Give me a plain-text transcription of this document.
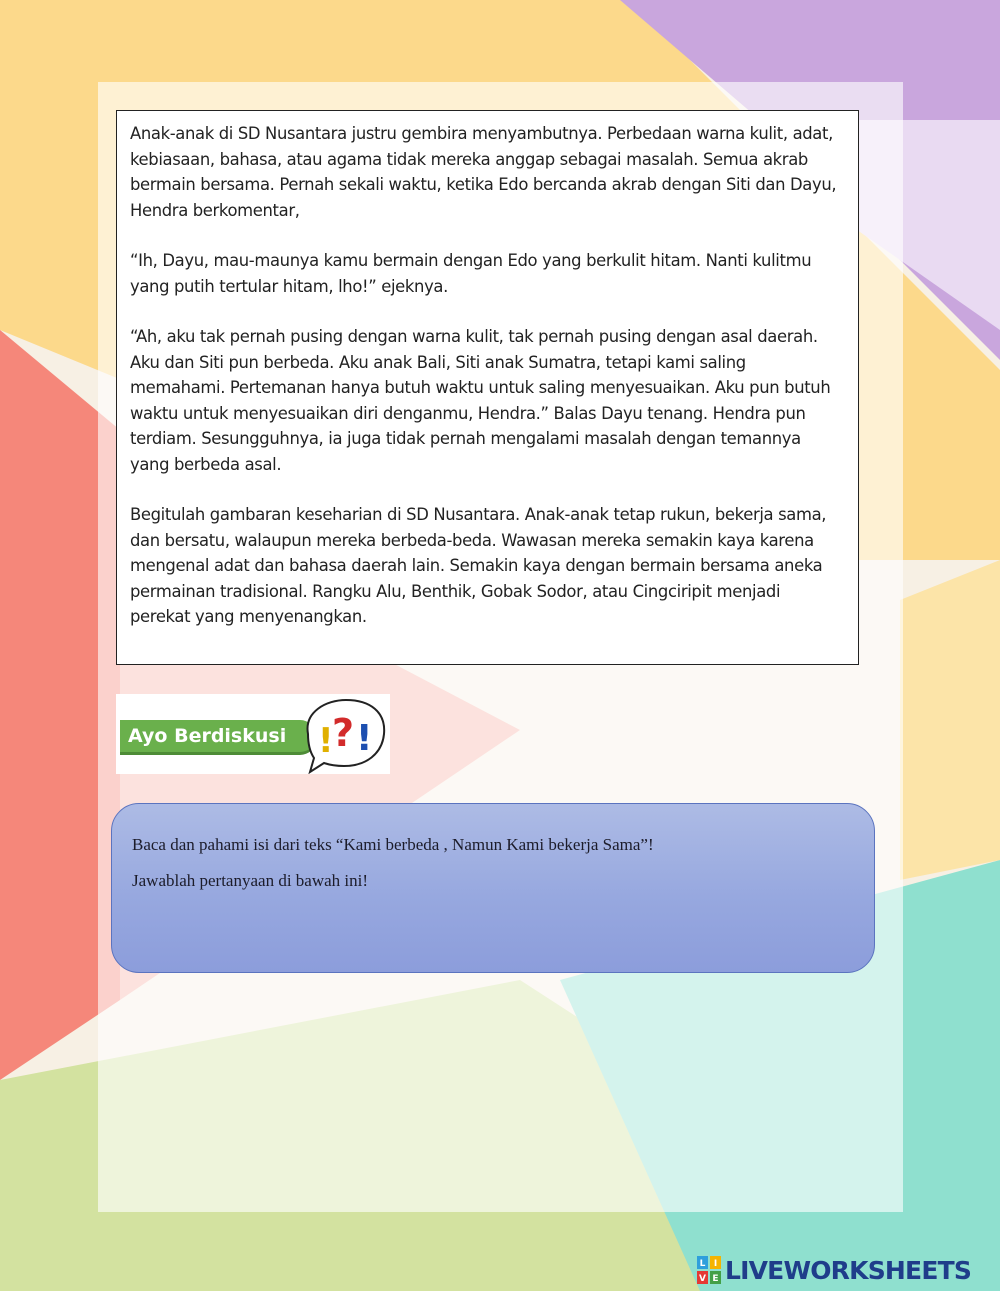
Anak-anak di SD Nusantara justru gembira menyambutnya. Perbedaan warna kulit, adat, kebiasaan, bahasa, atau agama tidak mereka anggap sebagai masalah. Semua akrab bermain bersama. Pernah sekali waktu, ketika Edo bercanda akrab dengan Siti dan Dayu, Hendra berkomentar,

“Ih, Dayu, mau-maunya kamu bermain dengan Edo yang berkulit hitam. Nanti kulitmu yang putih tertular hitam, lho!” ejeknya.

“Ah, aku tak pernah pusing dengan warna kulit, tak pernah pusing dengan asal daerah. Aku dan Siti pun berbeda. Aku anak Bali, Siti anak Sumatra, tetapi kami saling memahami. Pertemanan hanya butuh waktu untuk saling menyesuaikan. Aku pun butuh waktu untuk menyesuaikan diri denganmu, Hendra.” Balas Dayu tenang. Hendra pun terdiam. Sesungguhnya, ia juga tidak pernah mengalami masalah dengan temannya yang berbeda asal.

Begitulah gambaran keseharian di SD Nusantara. Anak-anak tetap rukun, bekerja sama, dan bersatu, walaupun mereka berbeda-beda. Wawasan mereka semakin kaya karena mengenal adat dan bahasa daerah lain. Semakin kaya dengan bermain bersama aneka permainan tradisional. Rangku Alu, Benthik, Gobak Sodor, atau Cingciripit menjadi perekat yang menyenangkan.

Ayo Berdiskusi !
? !

Baca dan pahami isi dari teks “Kami berbeda , Namun Kami bekerja Sama”!

Jawablah pertanyaan di bawah ini!

L I
V E LIVEWORKSHEETS
